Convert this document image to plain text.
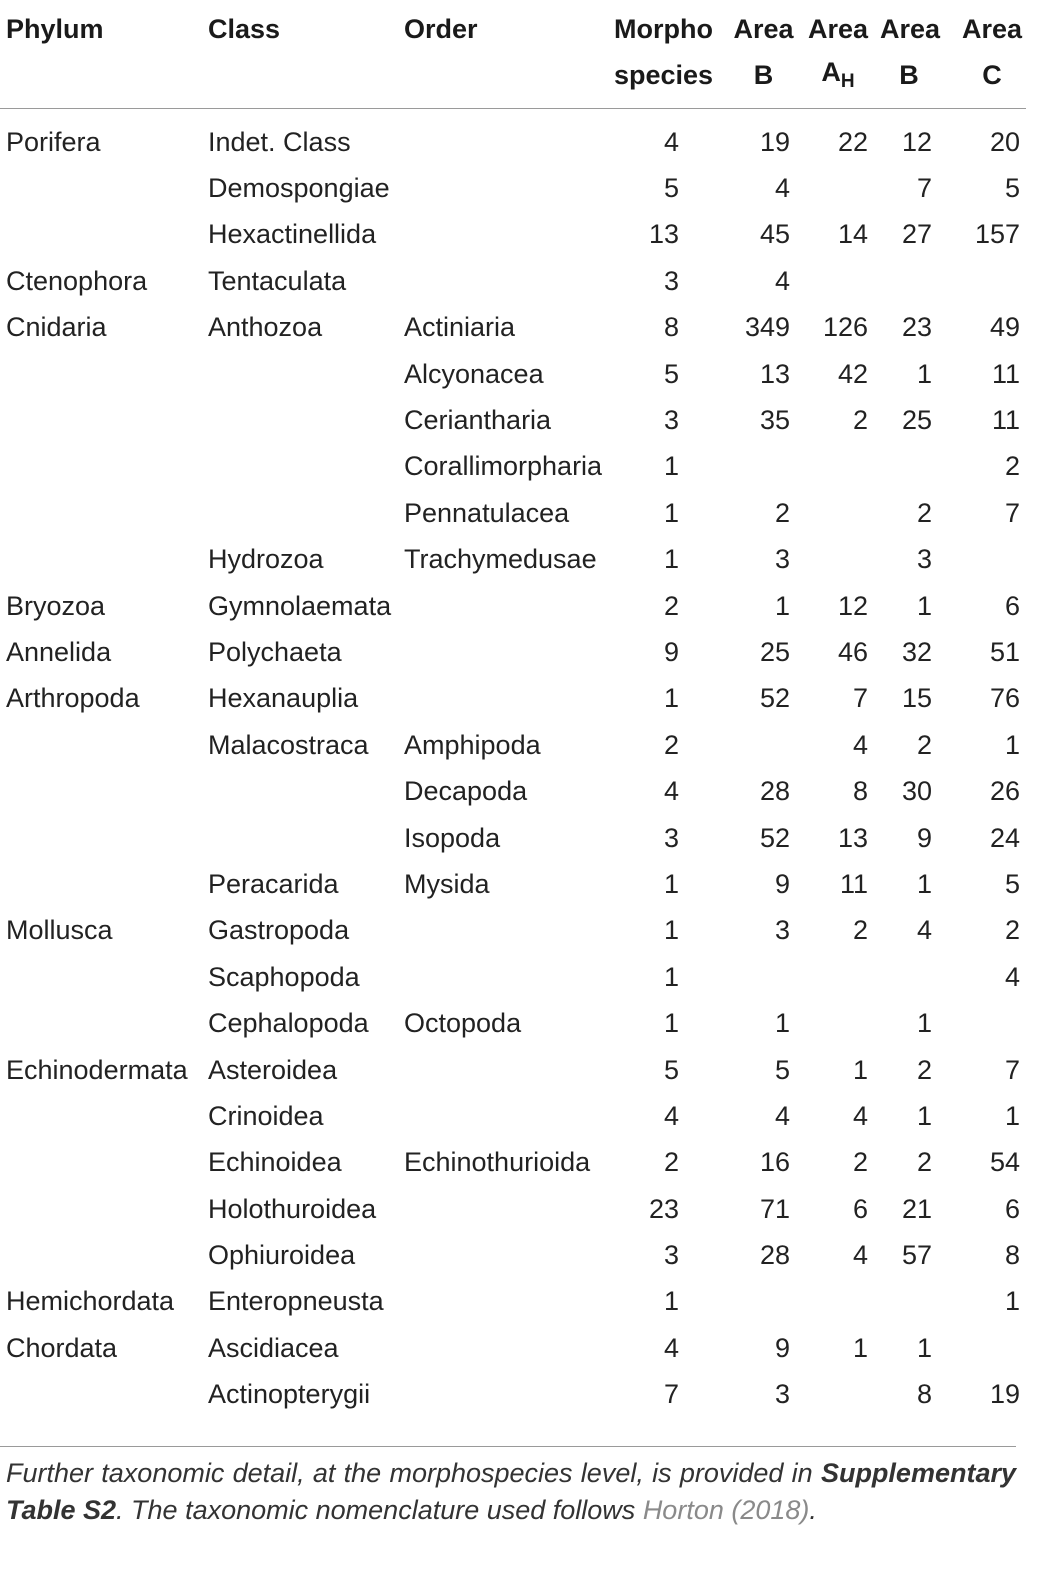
Phylum	Class	Order	Morpho	Area	Area	Area	Area
			species	B	$A_H$	B	C
Porifera	Indet. Class		4	19	22	12	20
	Demospongiae		5	4		7	5
	Hexactinellida		13	45	14	27	157
Ctenophora	Tentaculata		3	4			
Cnidaria	Anthozoa	Actiniaria	8	349	126	23	49
		Alcyonacea	5	13	42	1	11
		Ceriantharia	3	35	2	25	11
		Corallimorpharia	1				2
		Pennatulacea	1	2		2	7
	Hydrozoa	Trachymedusae	1	3		3	
Bryozoa	Gymnolaemata		2	1	12	1	6
Annelida	Polychaeta		9	25	46	32	51
Arthropoda	Hexanauplia		1	52	7	15	76
	Malacostraca	Amphipoda	2		4	2	1
		Decapoda	4	28	8	30	26
		Isopoda	3	52	13	9	24
	Peracarida	Mysida	1	9	11	1	5
Mollusca	Gastropoda		1	3	2	4	2
	Scaphopoda		1				4
	Cephalopoda	Octopoda	1	1		1	
Echinodermata	Asteroidea		5	5	1	2	7
	Crinoidea		4	4	4	1	1
	Echinoidea	Echinothurioida	2	16	2	2	54
	Holothuroidea		23	71	6	21	6
	Ophiuroidea		3	28	4	57	8
Hemichordata	Enteropneusta		1				1
Chordata	Ascidiacea		4	9	1	1	
	Actinopterygii		7	3		8	19
Further taxonomic detail, at the morphospecies level, is provided in Supplementary Table S2. The taxonomic nomenclature used follows Horton (2018).
